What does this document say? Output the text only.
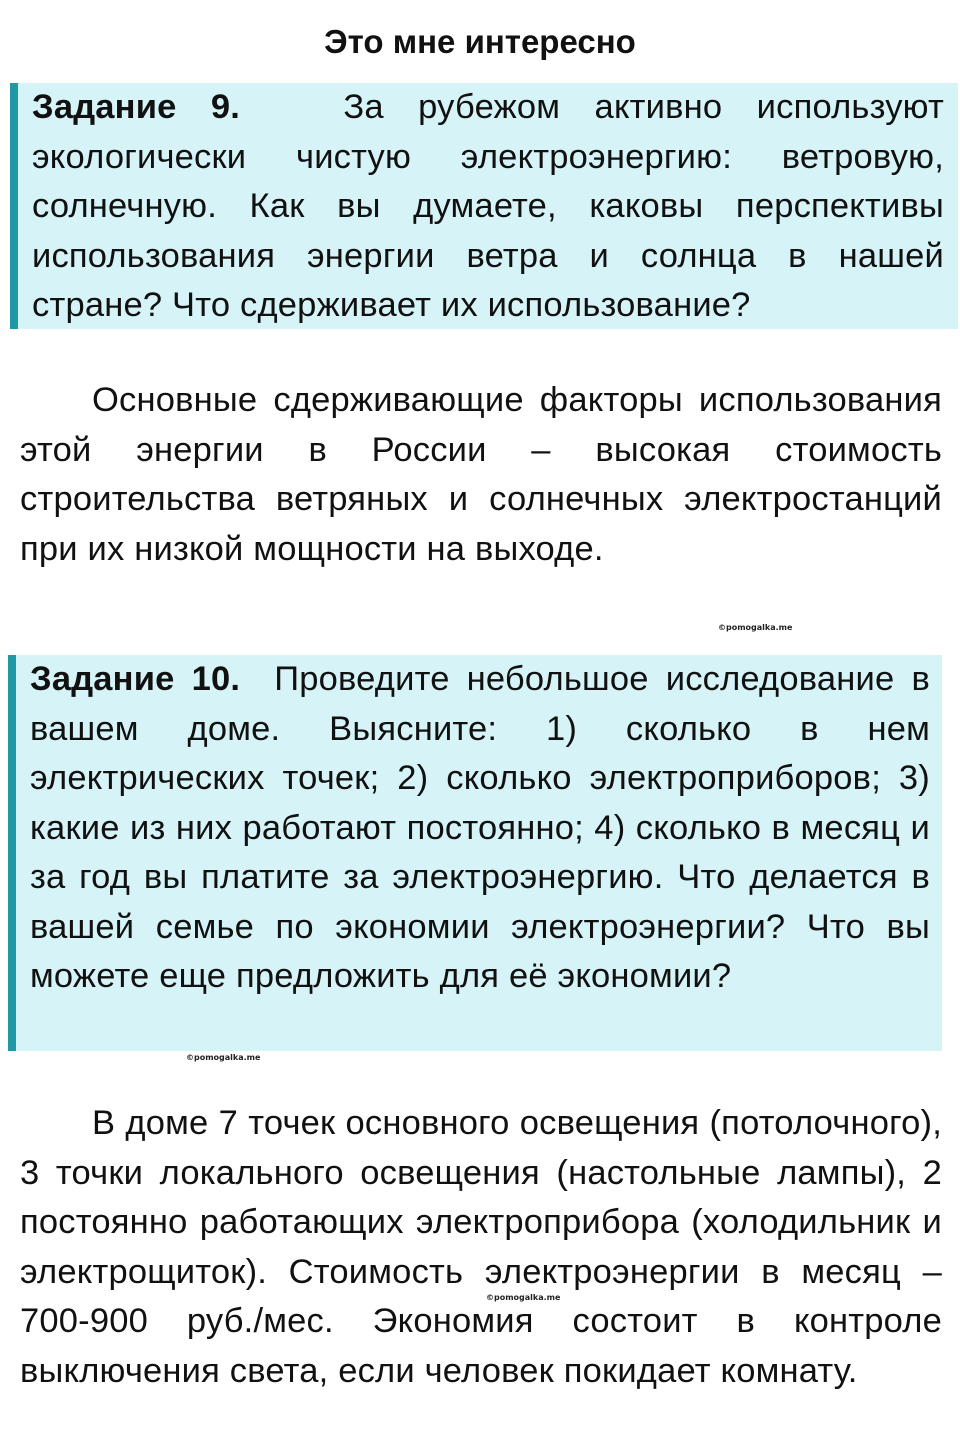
Это мне интересно

Задание 9.	За рубежом активно используют экологически чистую электроэнергию: ветровую, солнечную. Как вы думаете, каковы перспективы использования энергии ветра и солнца в нашей стране? Что сдерживает их использование?

Основные сдерживающие факторы использования этой энергии в России – высокая стоимость строительства ветряных и солнечных электростанций при их низкой мощности на выходе.

©pomogalka.me

Задание 10. Проведите небольшое исследование в вашем доме. Выясните: 1) сколько в нем электрических точек; 2) сколько электроприборов; 3) какие из них работают постоянно; 4) сколько в месяц и за год вы платите за электроэнергию. Что делается в вашей семье по экономии электроэнергии? Что вы можете еще предложить для её экономии?

©pomogalka.me

В доме 7 точек основного освещения (потолочного), 3 точки локального освещения (настольные лампы), 2 постоянно работающих электроприбора (холодильник и электрощиток). Стоимость электроэнергии в месяц – 700-900 руб./мес. Экономия состоит в контроле выключения света, если человек покидает комнату.

©pomogalka.me
